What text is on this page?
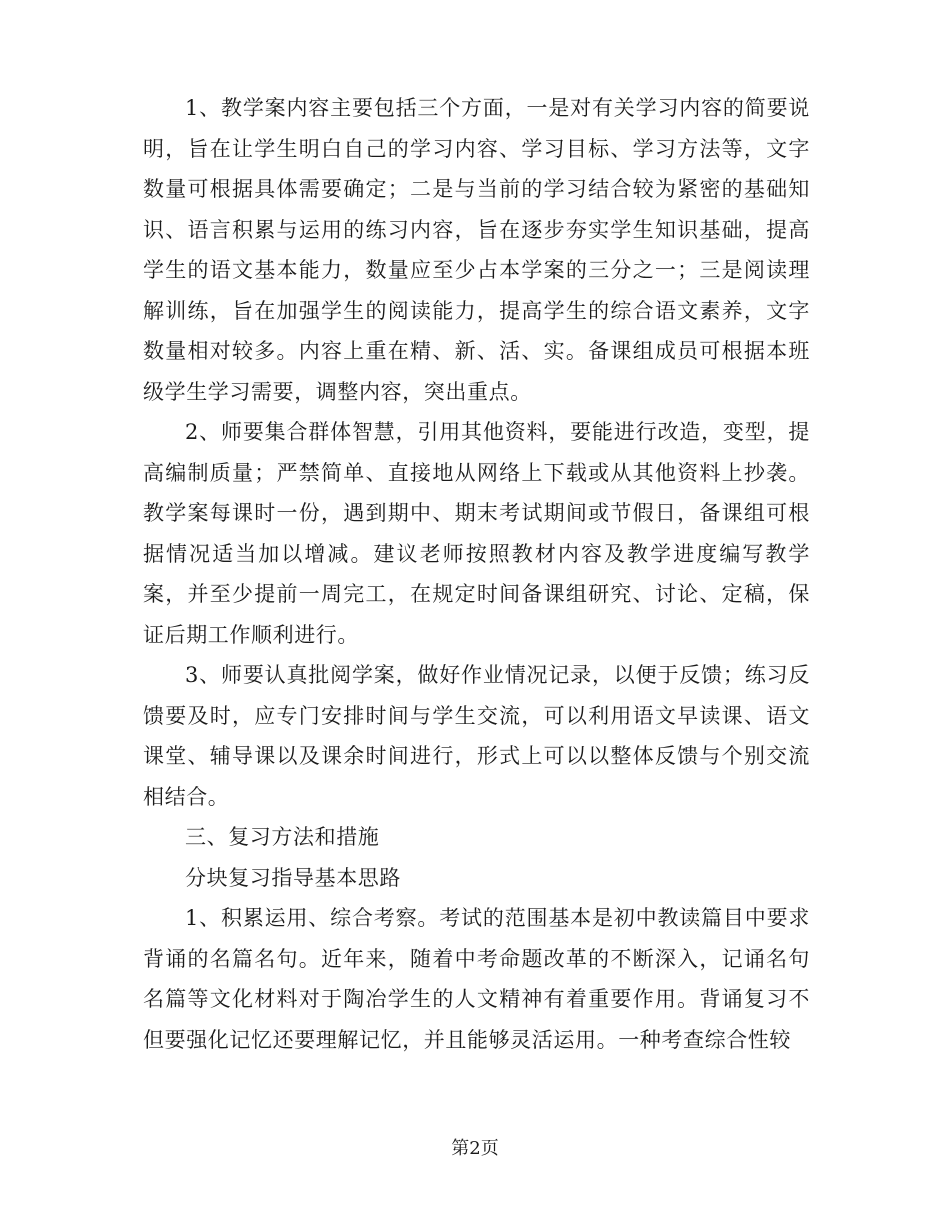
1、教学案内容主要包括三个方面，一是对有关学习内容的简要说明，旨在让学生明白自己的学习内容、学习目标、学习方法等，文字数量可根据具体需要确定；二是与当前的学习结合较为紧密的基础知识、语言积累与运用的练习内容，旨在逐步夯实学生知识基础，提高学生的语文基本能力，数量应至少占本学案的三分之一；三是阅读理解训练，旨在加强学生的阅读能力，提高学生的综合语文素养，文字数量相对较多。内容上重在精、新、活、实。备课组成员可根据本班级学生学习需要，调整内容，突出重点。

2、师要集合群体智慧，引用其他资料，要能进行改造，变型，提高编制质量；严禁简单、直接地从网络上下载或从其他资料上抄袭。教学案每课时一份，遇到期中、期末考试期间或节假日，备课组可根据情况适当加以增减。建议老师按照教材内容及教学进度编写教学案，并至少提前一周完工，在规定时间备课组研究、讨论、定稿，保证后期工作顺利进行。

3、师要认真批阅学案，做好作业情况记录，以便于反馈；练习反馈要及时，应专门安排时间与学生交流，可以利用语文早读课、语文课堂、辅导课以及课余时间进行，形式上可以以整体反馈与个别交流相结合。

三、复习方法和措施

分块复习指导基本思路

1、积累运用、综合考察。考试的范围基本是初中教读篇目中要求背诵的名篇名句。近年来，随着中考命题改革的不断深入，记诵名句名篇等文化材料对于陶冶学生的人文精神有着重要作用。背诵复习不但要强化记忆还要理解记忆，并且能够灵活运用。一种考查综合性较

第2页
